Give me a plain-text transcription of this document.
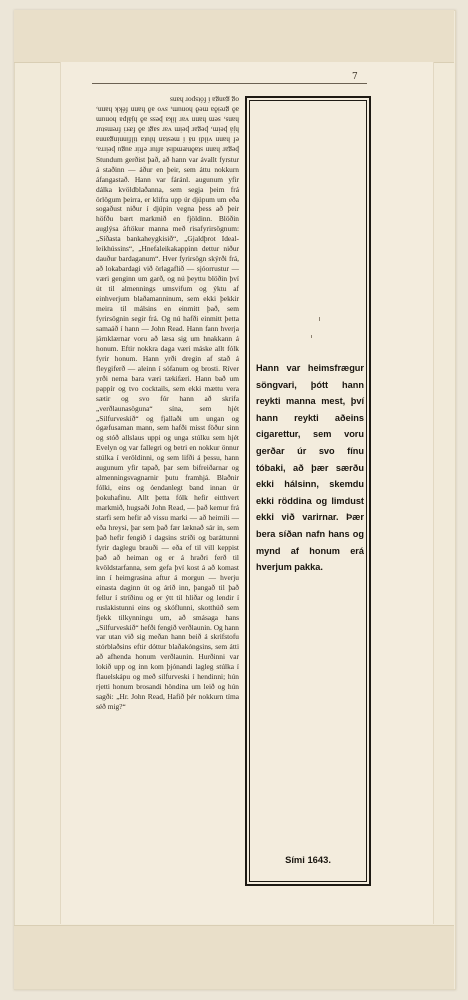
7
þegar hann staðnæmdist aftur eftir augu þeirra, ef hann vildi ná í mestan hluta tilfinninganna hjá þeim, þegar þeim var sagt að færi fremstur hans, sem hann var líka þess að hjálpa honum að greiða með honum, svo að hann fékk hann, og ganga í fótspor hans
Stundum gerðist það, að hann var ávallt fyrstur á staðinn — áður en þeir, sem áttu nokkurn áfangastað. Hann var fáránl. augunum yfir dálka kvöldblaðanna, sem segja þeim frá örlögum þeirra, er klifra upp úr djúpum um eða sogaðust niður í djúpin vegna þess að þeir höfðu bært markmið en fjöldinn. Blöðin auglýsa áftökur manna með risafyrirsögnum: „Síðasta bankaheygkisið“, „Gjaldþrot Ideal-leikhússins“, „Hnefaleikakappinn dettur niður dauður bardaganum“. Hver fyrirsögn skýrði frá, að lokabardagi við örlagaflið — sjóorrustur — væri genginn um garð, og nú þeyttu blöðin því út til almennings umsvifum og ýktu af einhverjum blaðamanninum, sem ekki þekkir meira til málsins en einmitt það, sem fyrirsögnin segir frá. Og nú hafði einmitt þetta samaáð í hann — John Read. Hann fann hverja járnklærnar voru að læsa sig um hnakkann á honum. Eftir nokkra daga væri máske allt fólk fyrir honum. Hann yrði dregin af stað á fleygiferð — aleinn í sófanum og brosti. Ríver yrði nema bara væri tækifæri. Hann bað um pappír og tvo cocktails, sem ekki mættu vera sætir og svo fór hann að skrifa „verðlaunasöguna“ sína, sem hjét „Silfurveskið“ og fjallaði um ungan og ógæfusaman mann, sem hafði misst föður sinn og stóð allslaus uppi og unga stúlku sem hjét Evelyn og var fallegri og betri en nokkur önnur stúlka í veröldinni, og sem lifði á þessu, hann augunum yfir tapað, þar sem bifreiðarnar og almenningsvagnarnir þutu framhjá. Blaðnir fólki, eins og óendanlegt band innan úr þokuhafinu. Allt þetta fólk hefir eitthvert markmið, hugsaði John Read, — það kemur frá starfi sem hefir að vissu marki — að heimili — eða hreysi, þar sem það fær læknað sár in, sem það hefir fengið í dagsins stríði og baráttunni fyrir daglegu brauði — eða ef til vill keppist það að heiman og er á hraðri ferð til kvöldstarfanna, sem gefa því kost á að komast inn í heimgrasina aftur á morgun — hverju einasta daginn út og árið inn, þangað til það fellur í stríðinu og er ýtt til hliðar og lendir í ruslakistunni eins og skóflunni, skotthúð sem fjekk tilkynningu um, að smásaga hans „Silfurveskið“ hefði fengið verðlaunin. Og hann var utan við sig meðan hann beið á skrifstofu stórblaðsins eftir dóttur blaðakóngsins, sem átti að afhenda honum verðlaunin. Hurðinni var lokið upp og inn kom þjónandi lagleg stúlka í flauelskápu og með silfurveski í hendinni; hún rjetti honum brosandi höndina um leið og hún sagði: „Hr. John Read, Hafið þér nokkurn tíma séð mig?“
Hann var heimsfrægur söngvari, þótt hann reykti manna mest, því hann reykti aðeins cigarettur, sem voru gerðar úr svo fínu tóbaki, að þær særðu ekki hálsinn, skemdu ekki röddina og limdust ekki við varirnar. Þær bera síðan nafn hans og mynd af honum erá hverjum pakka.
Sími 1643.
